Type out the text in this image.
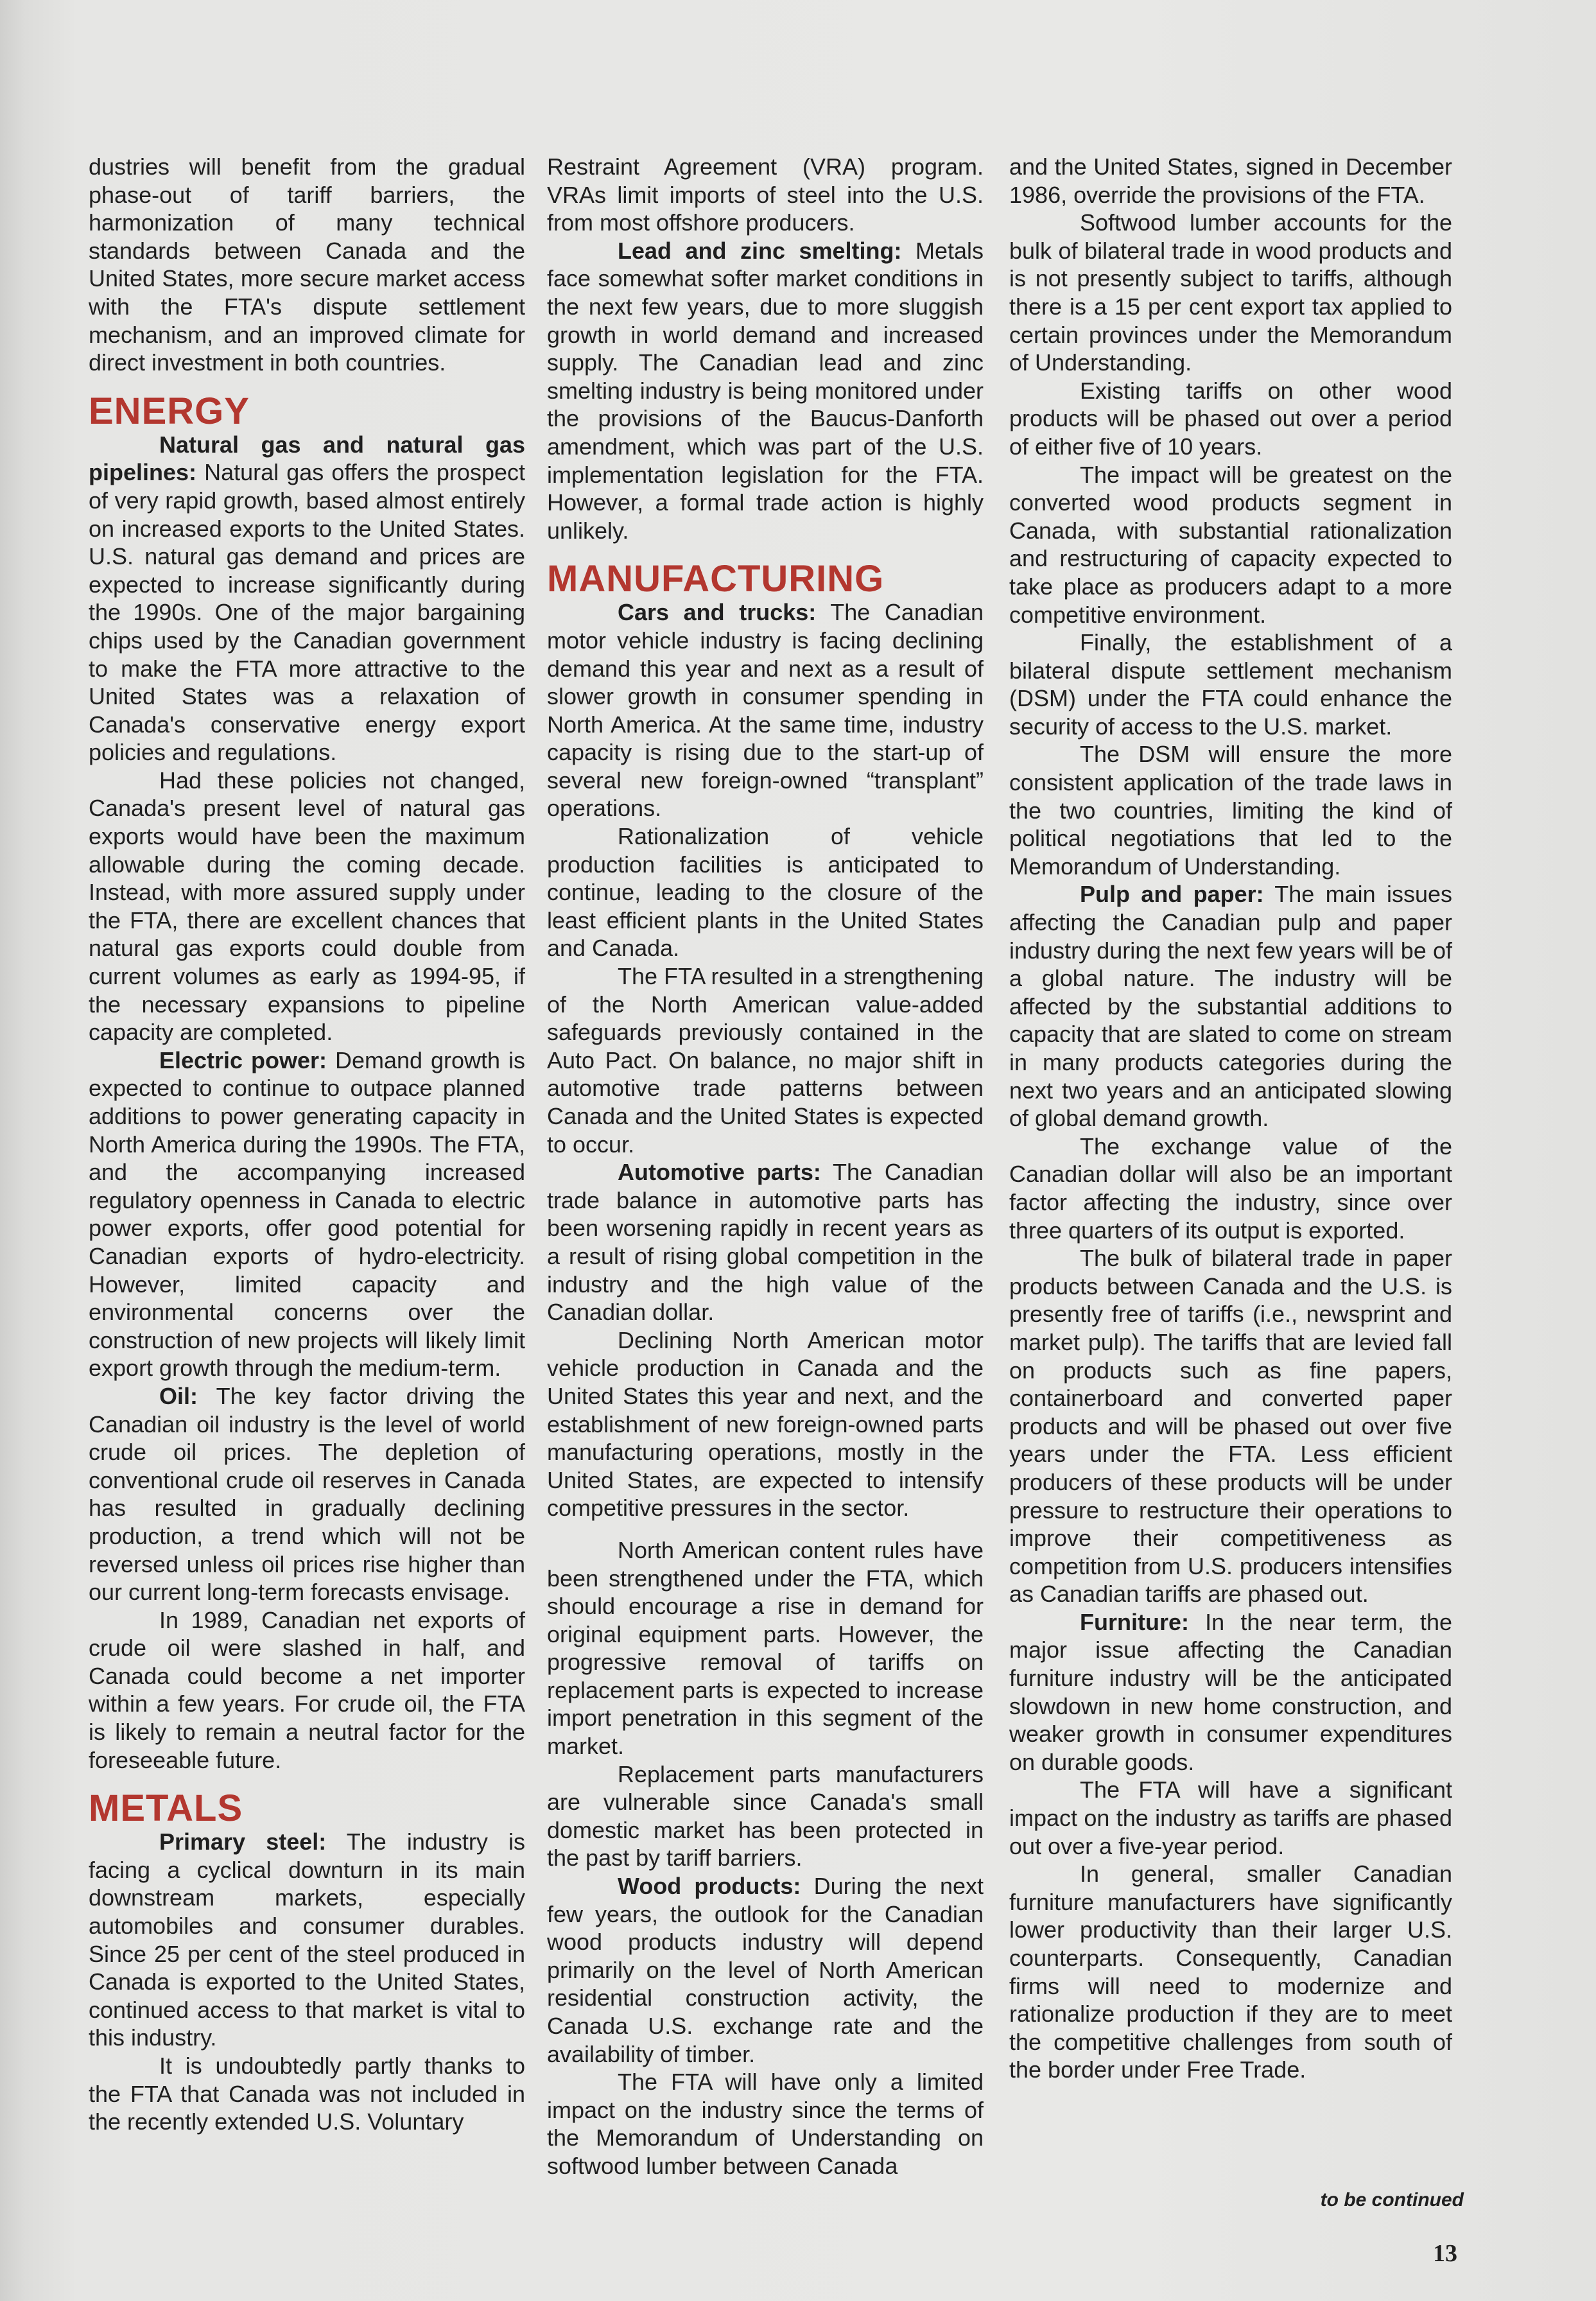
dustries will benefit from the gradual phase-out of tariff barriers, the harmonization of many technical standards between Canada and the United States, more secure market access with the FTA's dispute settlement mechanism, and an improved climate for direct investment in both countries.

ENERGY

Natural gas and natural gas pipelines: Natural gas offers the prospect of very rapid growth, based almost entirely on increased exports to the United States. U.S. natural gas demand and prices are expected to increase significantly during the 1990s. One of the major bargaining chips used by the Canadian government to make the FTA more attractive to the United States was a relaxation of Canada's conservative energy export policies and regulations.

Had these policies not changed, Canada's present level of natural gas exports would have been the maximum allowable during the coming decade. Instead, with more assured supply under the FTA, there are excellent chances that natural gas exports could double from current volumes as early as 1994-95, if the necessary expansions to pipeline capacity are completed.

Electric power: Demand growth is expected to continue to outpace planned additions to power generating capacity in North America during the 1990s. The FTA, and the accompanying increased regulatory openness in Canada to electric power exports, offer good potential for Canadian exports of hydro-electricity. However, limited capacity and environmental concerns over the construction of new projects will likely limit export growth through the medium-term.

Oil: The key factor driving the Canadian oil industry is the level of world crude oil prices. The depletion of conventional crude oil reserves in Canada has resulted in gradually declining production, a trend which will not be reversed unless oil prices rise higher than our current long-term forecasts envisage.

In 1989, Canadian net exports of crude oil were slashed in half, and Canada could become a net importer within a few years. For crude oil, the FTA is likely to remain a neutral factor for the foreseeable future.

METALS

Primary steel: The industry is facing a cyclical downturn in its main downstream markets, especially automobiles and consumer durables. Since 25 per cent of the steel produced in Canada is exported to the United States, continued access to that market is vital to this industry.

It is undoubtedly partly thanks to the FTA that Canada was not included in the recently extended U.S. Voluntary

Restraint Agreement (VRA) program. VRAs limit imports of steel into the U.S. from most offshore producers.

Lead and zinc smelting: Metals face somewhat softer market conditions in the next few years, due to more sluggish growth in world demand and increased supply. The Canadian lead and zinc smelting industry is being monitored under the provisions of the Baucus-Danforth amendment, which was part of the U.S. implementation legislation for the FTA. However, a formal trade action is highly unlikely.

MANUFACTURING

Cars and trucks: The Canadian motor vehicle industry is facing declining demand this year and next as a result of slower growth in consumer spending in North America. At the same time, industry capacity is rising due to the start-up of several new foreign-owned “transplant” operations.

Rationalization of vehicle production facilities is anticipated to continue, leading to the closure of the least efficient plants in the United States and Canada.

The FTA resulted in a strengthening of the North American value-added safeguards previously contained in the Auto Pact. On balance, no major shift in automotive trade patterns between Canada and the United States is expected to occur.

Automotive parts: The Canadian trade balance in automotive parts has been worsening rapidly in recent years as a result of rising global competition in the industry and the high value of the Canadian dollar.

Declining North American motor vehicle production in Canada and the United States this year and next, and the establishment of new foreign-owned parts manufacturing operations, mostly in the United States, are expected to intensify competitive pressures in the sector.

North American content rules have been strengthened under the FTA, which should encourage a rise in demand for original equipment parts. However, the progressive removal of tariffs on replacement parts is expected to increase import penetration in this segment of the market.

Replacement parts manufacturers are vulnerable since Canada's small domestic market has been protected in the past by tariff barriers.

Wood products: During the next few years, the outlook for the Canadian wood products industry will depend primarily on the level of North American residential construction activity, the Canada U.S. exchange rate and the availability of timber.

The FTA will have only a limited impact on the industry since the terms of the Memorandum of Understanding on softwood lumber between Canada

and the United States, signed in December 1986, override the provisions of the FTA.

Softwood lumber accounts for the bulk of bilateral trade in wood products and is not presently subject to tariffs, although there is a 15 per cent export tax applied to certain provinces under the Memorandum of Understanding.

Existing tariffs on other wood products will be phased out over a period of either five of 10 years.

The impact will be greatest on the converted wood products segment in Canada, with substantial rationalization and restructuring of capacity expected to take place as producers adapt to a more competitive environment.

Finally, the establishment of a bilateral dispute settlement mechanism (DSM) under the FTA could enhance the security of access to the U.S. market.

The DSM will ensure the more consistent application of the trade laws in the two countries, limiting the kind of political negotiations that led to the Memorandum of Understanding.

Pulp and paper: The main issues affecting the Canadian pulp and paper industry during the next few years will be of a global nature. The industry will be affected by the substantial additions to capacity that are slated to come on stream in many products categories during the next two years and an anticipated slowing of global demand growth.

The exchange value of the Canadian dollar will also be an important factor affecting the industry, since over three quarters of its output is exported.

The bulk of bilateral trade in paper products between Canada and the U.S. is presently free of tariffs (i.e., newsprint and market pulp). The tariffs that are levied fall on products such as fine papers, containerboard and converted paper products and will be phased out over five years under the FTA. Less efficient producers of these products will be under pressure to restructure their operations to improve their competitiveness as competition from U.S. producers intensifies as Canadian tariffs are phased out.

Furniture: In the near term, the major issue affecting the Canadian furniture industry will be the anticipated slowdown in new home construction, and weaker growth in consumer expenditures on durable goods.

The FTA will have a significant impact on the industry as tariffs are phased out over a five-year period.

In general, smaller Canadian furniture manufacturers have significantly lower productivity than their larger U.S. counterparts. Consequently, Canadian firms will need to modernize and rationalize production if they are to meet the competitive challenges from south of the border under Free Trade.

to be continued
13
